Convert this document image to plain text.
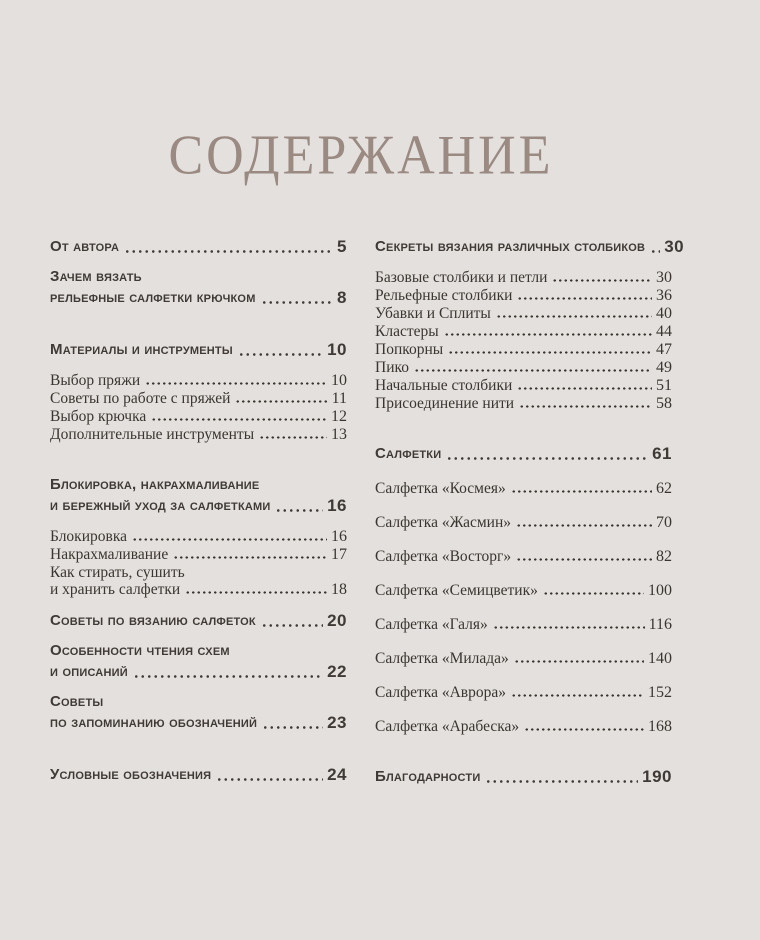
СОДЕРЖАНИЕ
От автора	5
Зачем вязать
рельефные салфетки крючком	8
Материалы и инструменты	10
Выбор пряжи	10
Советы по работе с пряжей	11
Выбор крючка	12
Дополнительные инструменты	13
Блокировка, накрахмаливание
и бережный уход за салфетками	16
Блокировка	16
Накрахмаливание	17
Как стирать, сушить
и хранить салфетки	18
Советы по вязанию салфеток	20
Особенности чтения схем
и описаний	22
Советы
по запоминанию обозначений	23
Условные обозначения	24
Секреты вязания различных столбиков 30
Базовые столбики и петли	30
Рельефные столбики	36
Убавки и Сплиты	40
Кластеры	44
Попкорны	47
Пико	49
Начальные столбики	51
Присоединение нити	58
Салфетки	61
Салфетка «Космея»	62
Салфетка «Жасмин»	70
Салфетка «Восторг»	82
Салфетка «Семицветик»	100
Салфетка «Галя»	116
Салфетка «Милада»	140
Салфетка «Аврора»	152
Салфетка «Арабеска»	168
Благодарности	190
